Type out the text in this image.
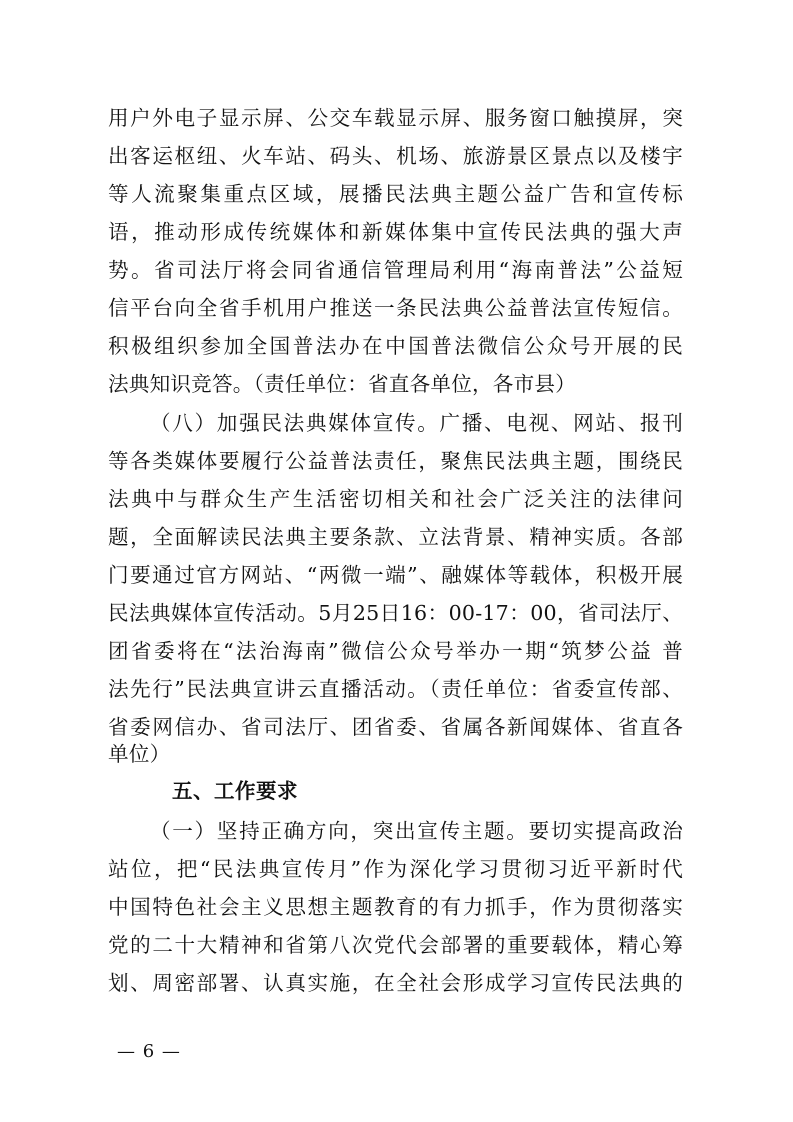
用户外电子显示屏、公交车载显示屏、服务窗口触摸屏，突
出客运枢纽、火车站、码头、机场、旅游景区景点以及楼宇
等人流聚集重点区域，展播民法典主题公益广告和宣传标
语，推动形成传统媒体和新媒体集中宣传民法典的强大声
势。省司法厅将会同省通信管理局利用“海南普法”公益短
信平台向全省手机用户推送一条民法典公益普法宣传短信。
积极组织参加全国普法办在中国普法微信公众号开展的民
法典知识竞答。（责任单位：省直各单位，各市县）
（八）加强民法典媒体宣传。广播、电视、网站、报刊
等各类媒体要履行公益普法责任，聚焦民法典主题，围绕民
法典中与群众生产生活密切相关和社会广泛关注的法律问
题，全面解读民法典主要条款、立法背景、精神实质。各部
门要通过官方网站、“两微一端”、融媒体等载体，积极开展
民法典媒体宣传活动。5月25日16：00-17：00，省司法厅、
团省委将在“法治海南”微信公众号举办一期“筑梦公益 普
法先行”民法典宣讲云直播活动。（责任单位：省委宣传部、
省委网信办、省司法厅、团省委、省属各新闻媒体、省直各
单位）
五、工作要求
（一）坚持正确方向，突出宣传主题。要切实提高政治
站位，把“民法典宣传月”作为深化学习贯彻习近平新时代
中国特色社会主义思想主题教育的有力抓手，作为贯彻落实
党的二十大精神和省第八次党代会部署的重要载体，精心筹
划、周密部署、认真实施，在全社会形成学习宣传民法典的
— 6 —
